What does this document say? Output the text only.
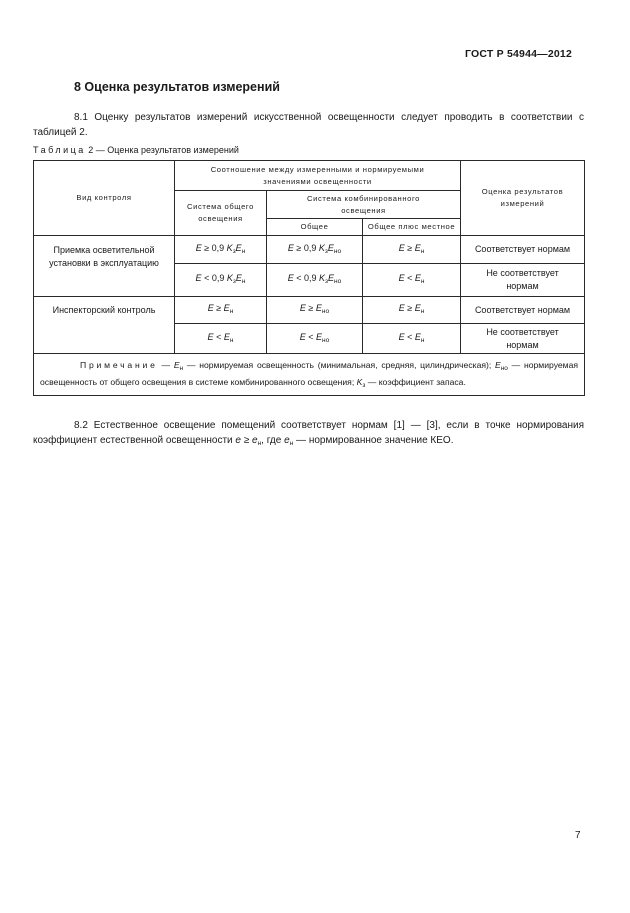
ГОСТ Р 54944—2012
8 Оценка результатов измерений
8.1 Оценку результатов измерений искусственной освещенности следует проводить в соответствии с таблицей 2.
Таблица 2 — Оценка результатов измерений
Вид контроля	Соотношение между измеренными и нормируемыми значениями освещенности			Оценка результатов измерений
	Система общего освещения	Система комбинированного освещения		
		Общее	Общее плюс местное	
Приемка осветительной установки в эксплуатацию	E ≥ 0,9 $K_зE_н$	E ≥ 0,9 $K_зE_{но}$	$E \ge E_н$	Соответствует нормам
	E < 0,9 $K_зE_н$	E < 0,9 $K_зE_{но}$	$E < E_н$	Не соответствует нормам
Инспекторский контроль	$E \ge E_н$	$E \ge E_{но}$	$E \ge E_н$	Соответствует нормам
	$E < E_н$	$E < E_{но}$	$E < E_н$	Не соответствует нормам
Примечание — $E_н$ — нормируемая освещенность (минимальная, средняя, цилиндрическая); $E_{но}$ — нормируемая освещенность от общего освещения в системе комбинированного освещения; $K_з$ — коэффициент запаса.				
8.2 Естественное освещение помещений соответствует нормам [1] — [3], если в точке нормирования коэффициент естественной освещенности $e \ge e_н$, где $e_н$ — нормированное значение КЕО.
7
